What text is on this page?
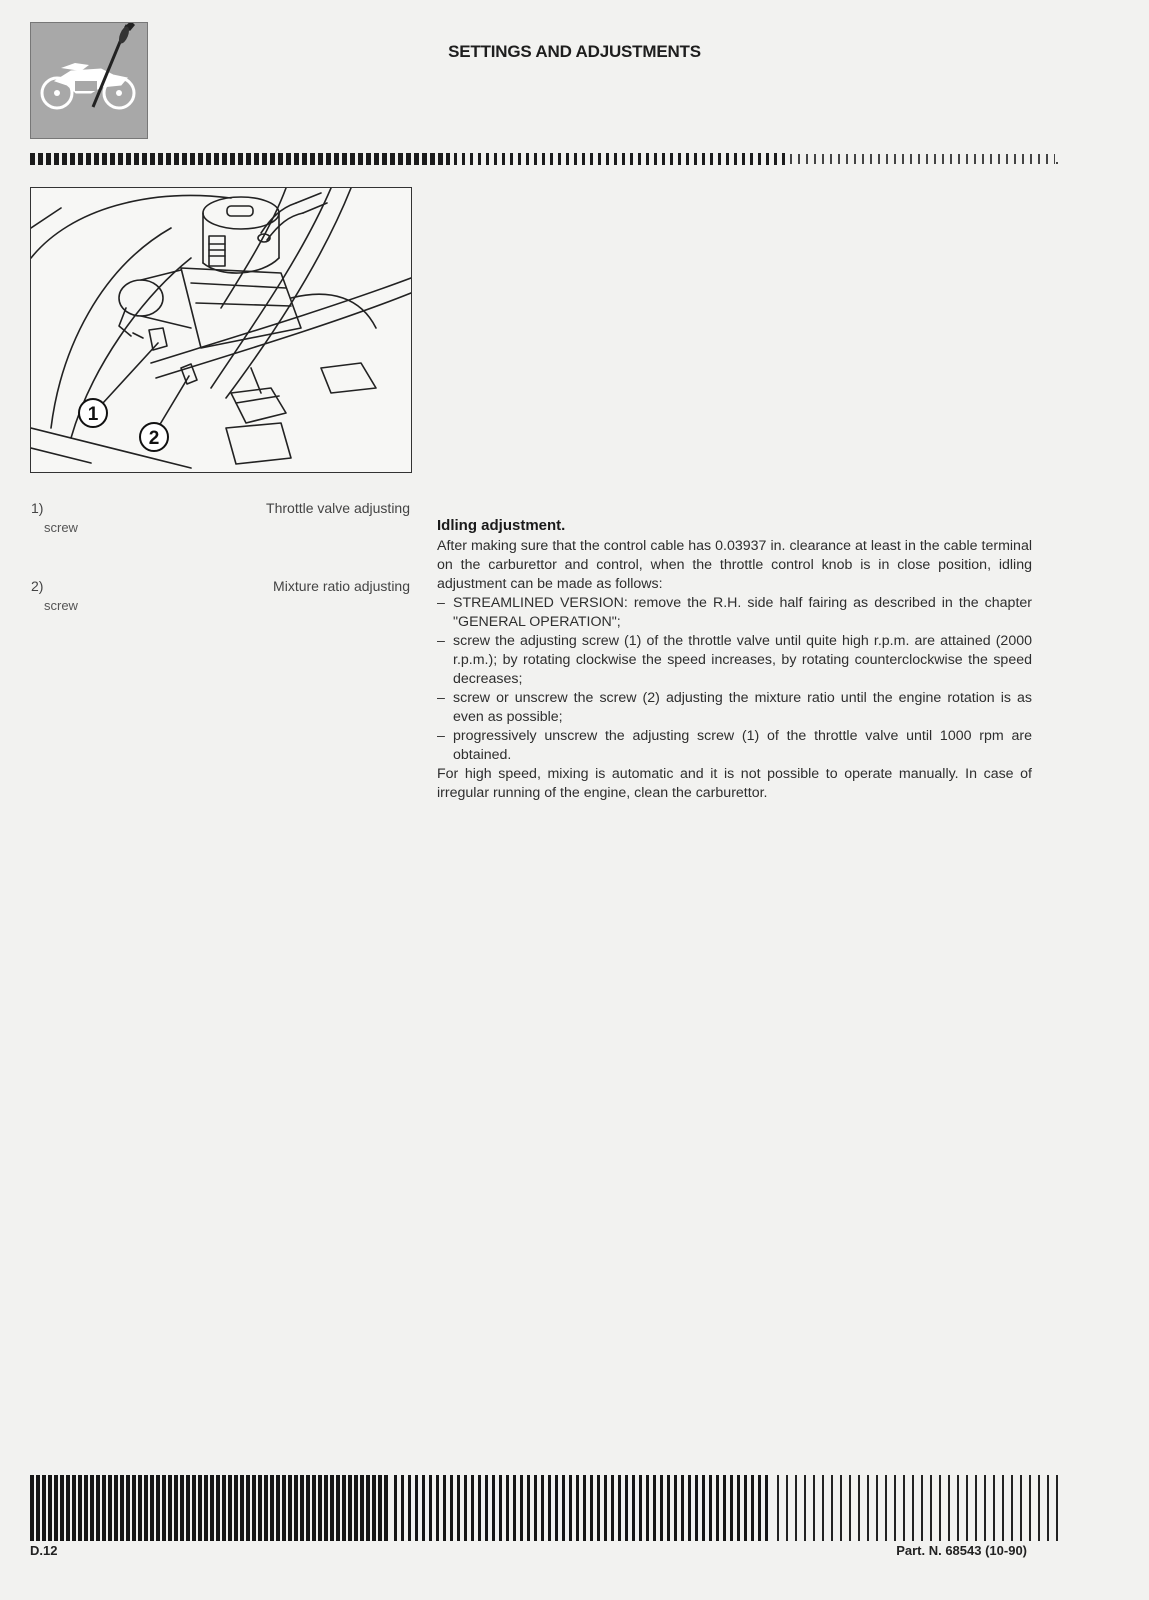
SETTINGS AND ADJUSTMENTS
1
2
1)	Throttle valve adjusting
screw
2)	Mixture ratio adjusting
screw
Idling adjustment.

After making sure that the control cable has 0.03937 in. clearance at least in the cable terminal on the carburettor and control, when the throttle control knob is in close position, idling adjustment can be made as follows:

– STREAMLINED VERSION: remove the R.H. side half fairing as described in the chapter "GENERAL OPERATION";
– screw the adjusting screw (1) of the throttle valve until quite high r.p.m. are attained (2000 r.p.m.); by rotating clockwise the speed increases, by rotating counterclockwise the speed decreases;
– screw or unscrew the screw (2) adjusting the mixture ratio until the engine rotation is as even as possible;
– progressively unscrew the adjusting screw (1) of the throttle valve until 1000 rpm are obtained.

For high speed, mixing is automatic and it is not possible to operate manually. In case of irregular running of the engine, clean the carburettor.

D.12	Part. N. 68543 (10-90)
